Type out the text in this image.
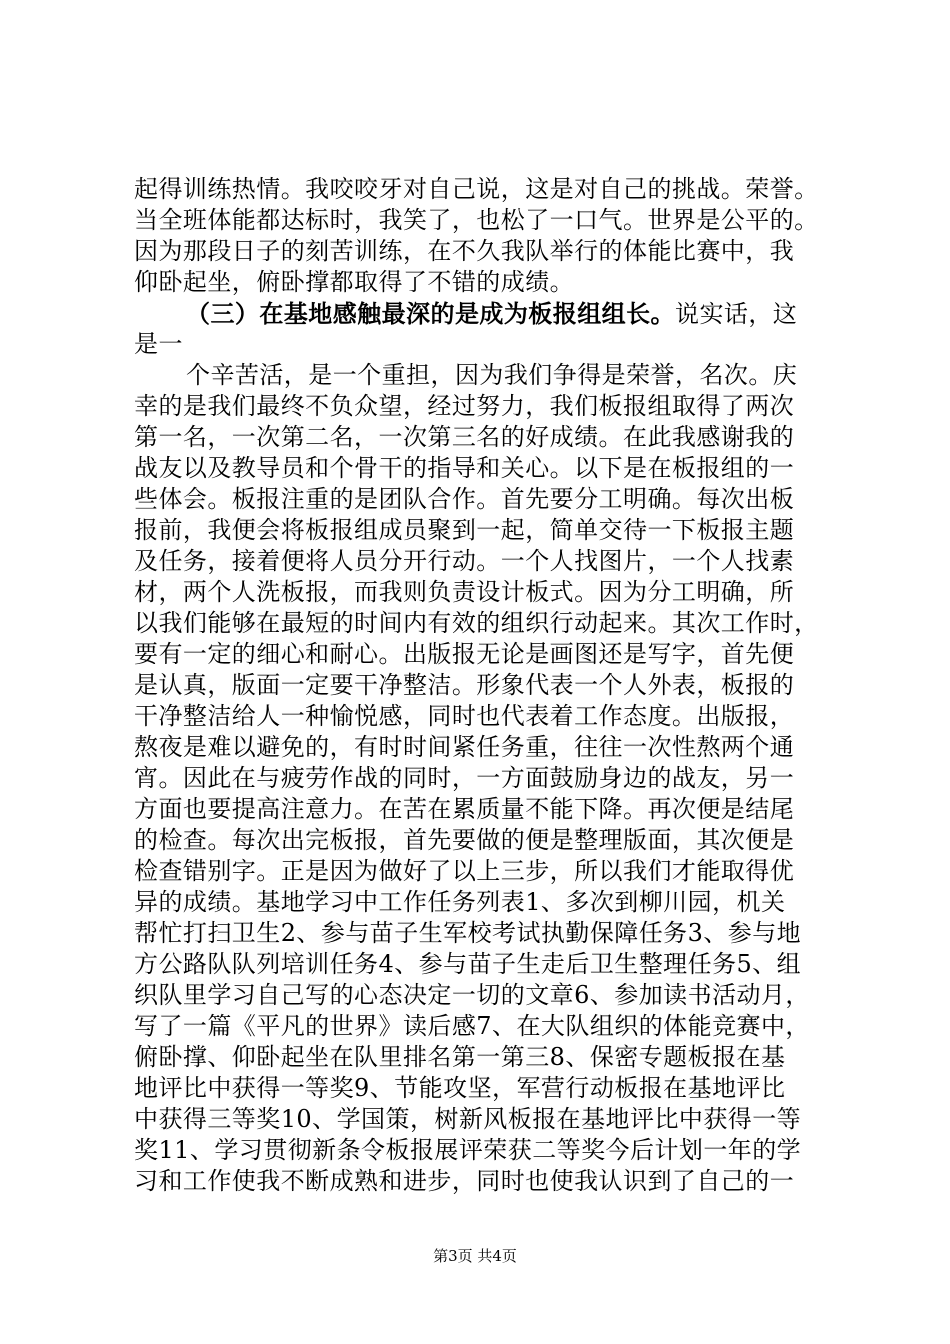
起得训练热情。我咬咬牙对自己说，这是对自己的挑战。荣誉。
当全班体能都达标时，我笑了，也松了一口气。世界是公平的。
因为那段日子的刻苦训练，在不久我队举行的体能比赛中，我
仰卧起坐，俯卧撑都取得了不错的成绩。
（三）在基地感触最深的是成为板报组组长。说实话，这
是一
个辛苦活，是一个重担，因为我们争得是荣誉，名次。庆
幸的是我们最终不负众望，经过努力，我们板报组取得了两次
第一名，一次第二名，一次第三名的好成绩。在此我感谢我的
战友以及教导员和个骨干的指导和关心。以下是在板报组的一
些体会。板报注重的是团队合作。首先要分工明确。每次出板
报前，我便会将板报组成员聚到一起，简单交待一下板报主题
及任务，接着便将人员分开行动。一个人找图片，一个人找素
材，两个人洗板报，而我则负责设计板式。因为分工明确，所
以我们能够在最短的时间内有效的组织行动起来。其次工作时，
要有一定的细心和耐心。出版报无论是画图还是写字，首先便
是认真，版面一定要干净整洁。形象代表一个人外表，板报的
干净整洁给人一种愉悦感，同时也代表着工作态度。出版报，
熬夜是难以避免的，有时时间紧任务重，往往一次性熬两个通
宵。因此在与疲劳作战的同时，一方面鼓励身边的战友，另一
方面也要提高注意力。在苦在累质量不能下降。再次便是结尾
的检查。每次出完板报，首先要做的便是整理版面，其次便是
检查错别字。正是因为做好了以上三步，所以我们才能取得优
异的成绩。基地学习中工作任务列表1、多次到柳川园，机关
帮忙打扫卫生2、参与苗子生军校考试执勤保障任务3、参与地
方公路队队列培训任务4、参与苗子生走后卫生整理任务5、组
织队里学习自己写的心态决定一切的文章6、参加读书活动月，
写了一篇《平凡的世界》读后感7、在大队组织的体能竞赛中，
俯卧撑、仰卧起坐在队里排名第一第三8、保密专题板报在基
地评比中获得一等奖9、节能攻坚，军营行动板报在基地评比
中获得三等奖10、学国策，树新风板报在基地评比中获得一等
奖11、学习贯彻新条令板报展评荣获二等奖今后计划一年的学
习和工作使我不断成熟和进步，同时也使我认识到了自己的一
第3页 共4页
